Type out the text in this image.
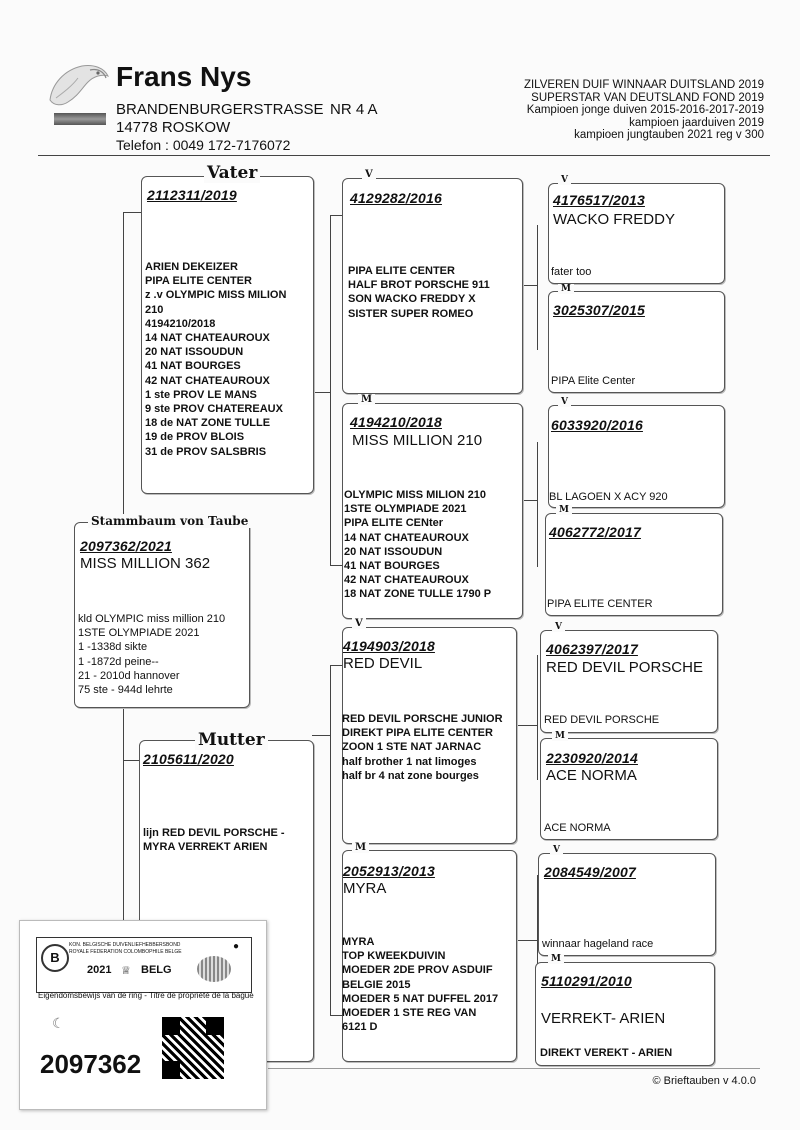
Frans Nys
BRANDENBURGERSTRASSE NR 4 A
14778 ROSKOW
Telefon : 0049 172-7176072
ZILVEREN DUIF WINNAAR DUITSLAND 2019
SUPERSTAR VAN DEUTSLAND FOND 2019
Kampioen jonge duiven 2015-2016-2017-2019
kampioen jaarduiven 2019
kampioen jungtauben 2021 reg v 300
Stammbaum von Taube
2097362/2021
MISS MILLION 362
kld OLYMPIC miss million 210
1STE OLYMPIADE 2021
1 -1338d sikte
1 -1872d peine--
21 - 2010d hannover
75 ste - 944d lehrte
Vater
2112311/2019
ARIEN DEKEIZER
PIPA ELITE CENTER
z .v OLYMPIC MISS MILION
210
4194210/2018
14 NAT CHATEAUROUX
20 NAT ISSOUDUN
41 NAT BOURGES
42 NAT CHATEAUROUX
1 ste PROV LE MANS
9 ste PROV CHATEREAUX
18 de NAT ZONE TULLE
19 de PROV BLOIS
31 de PROV SALSBRIS
Mutter
2105611/2020
lijn RED DEVIL PORSCHE -
MYRA VERREKT ARIEN
V
4129282/2016
PIPA ELITE CENTER
HALF BROT PORSCHE 911
SON WACKO FREDDY X
SISTER SUPER ROMEO
M
4194210/2018
MISS MILLION 210
OLYMPIC MISS MILION 210
1STE OLYMPIADE 2021
PIPA ELITE CENter
14 NAT CHATEAUROUX
20 NAT ISSOUDUN
41 NAT BOURGES
42 NAT CHATEAUROUX
18 NAT ZONE TULLE 1790 P
V
4194903/2018
RED DEVIL
RED DEVIL PORSCHE JUNIOR
DIREKT PIPA ELITE CENTER
ZOON 1 STE NAT JARNAC
half brother 1 nat limoges
half br 4 nat zone bourges
M
2052913/2013
MYRA
MYRA
TOP KWEEKDUIVIN
MOEDER 2DE PROV ASDUIF
BELGIE 2015
MOEDER 5 NAT DUFFEL 2017
MOEDER 1 STE REG VAN
6121 D
V
4176517/2013
WACKO FREDDY
fater too
M
3025307/2015
PIPA Elite Center
V
6033920/2016
BL LAGOEN X ACY 920
M
4062772/2017
PIPA ELITE CENTER
V
4062397/2017
RED DEVIL PORSCHE
RED DEVIL PORSCHE
M
2230920/2014
ACE NORMA
ACE NORMA
V
2084549/2007
winnaar hageland race
M
5110291/2010
VERREKT- ARIEN
DIREKT VEREKT - ARIEN
© Brieftauben v 4.0.0
B
KON. BELGISCHE DUIVENLIEFHEBBERSBOND
ROYALE FEDERATION COLOMBOPHILE BELGE	●
2021 ♕ BELG
Eigendomsbewijs van de ring - Titre de propriété de la bague
☾
2097362
